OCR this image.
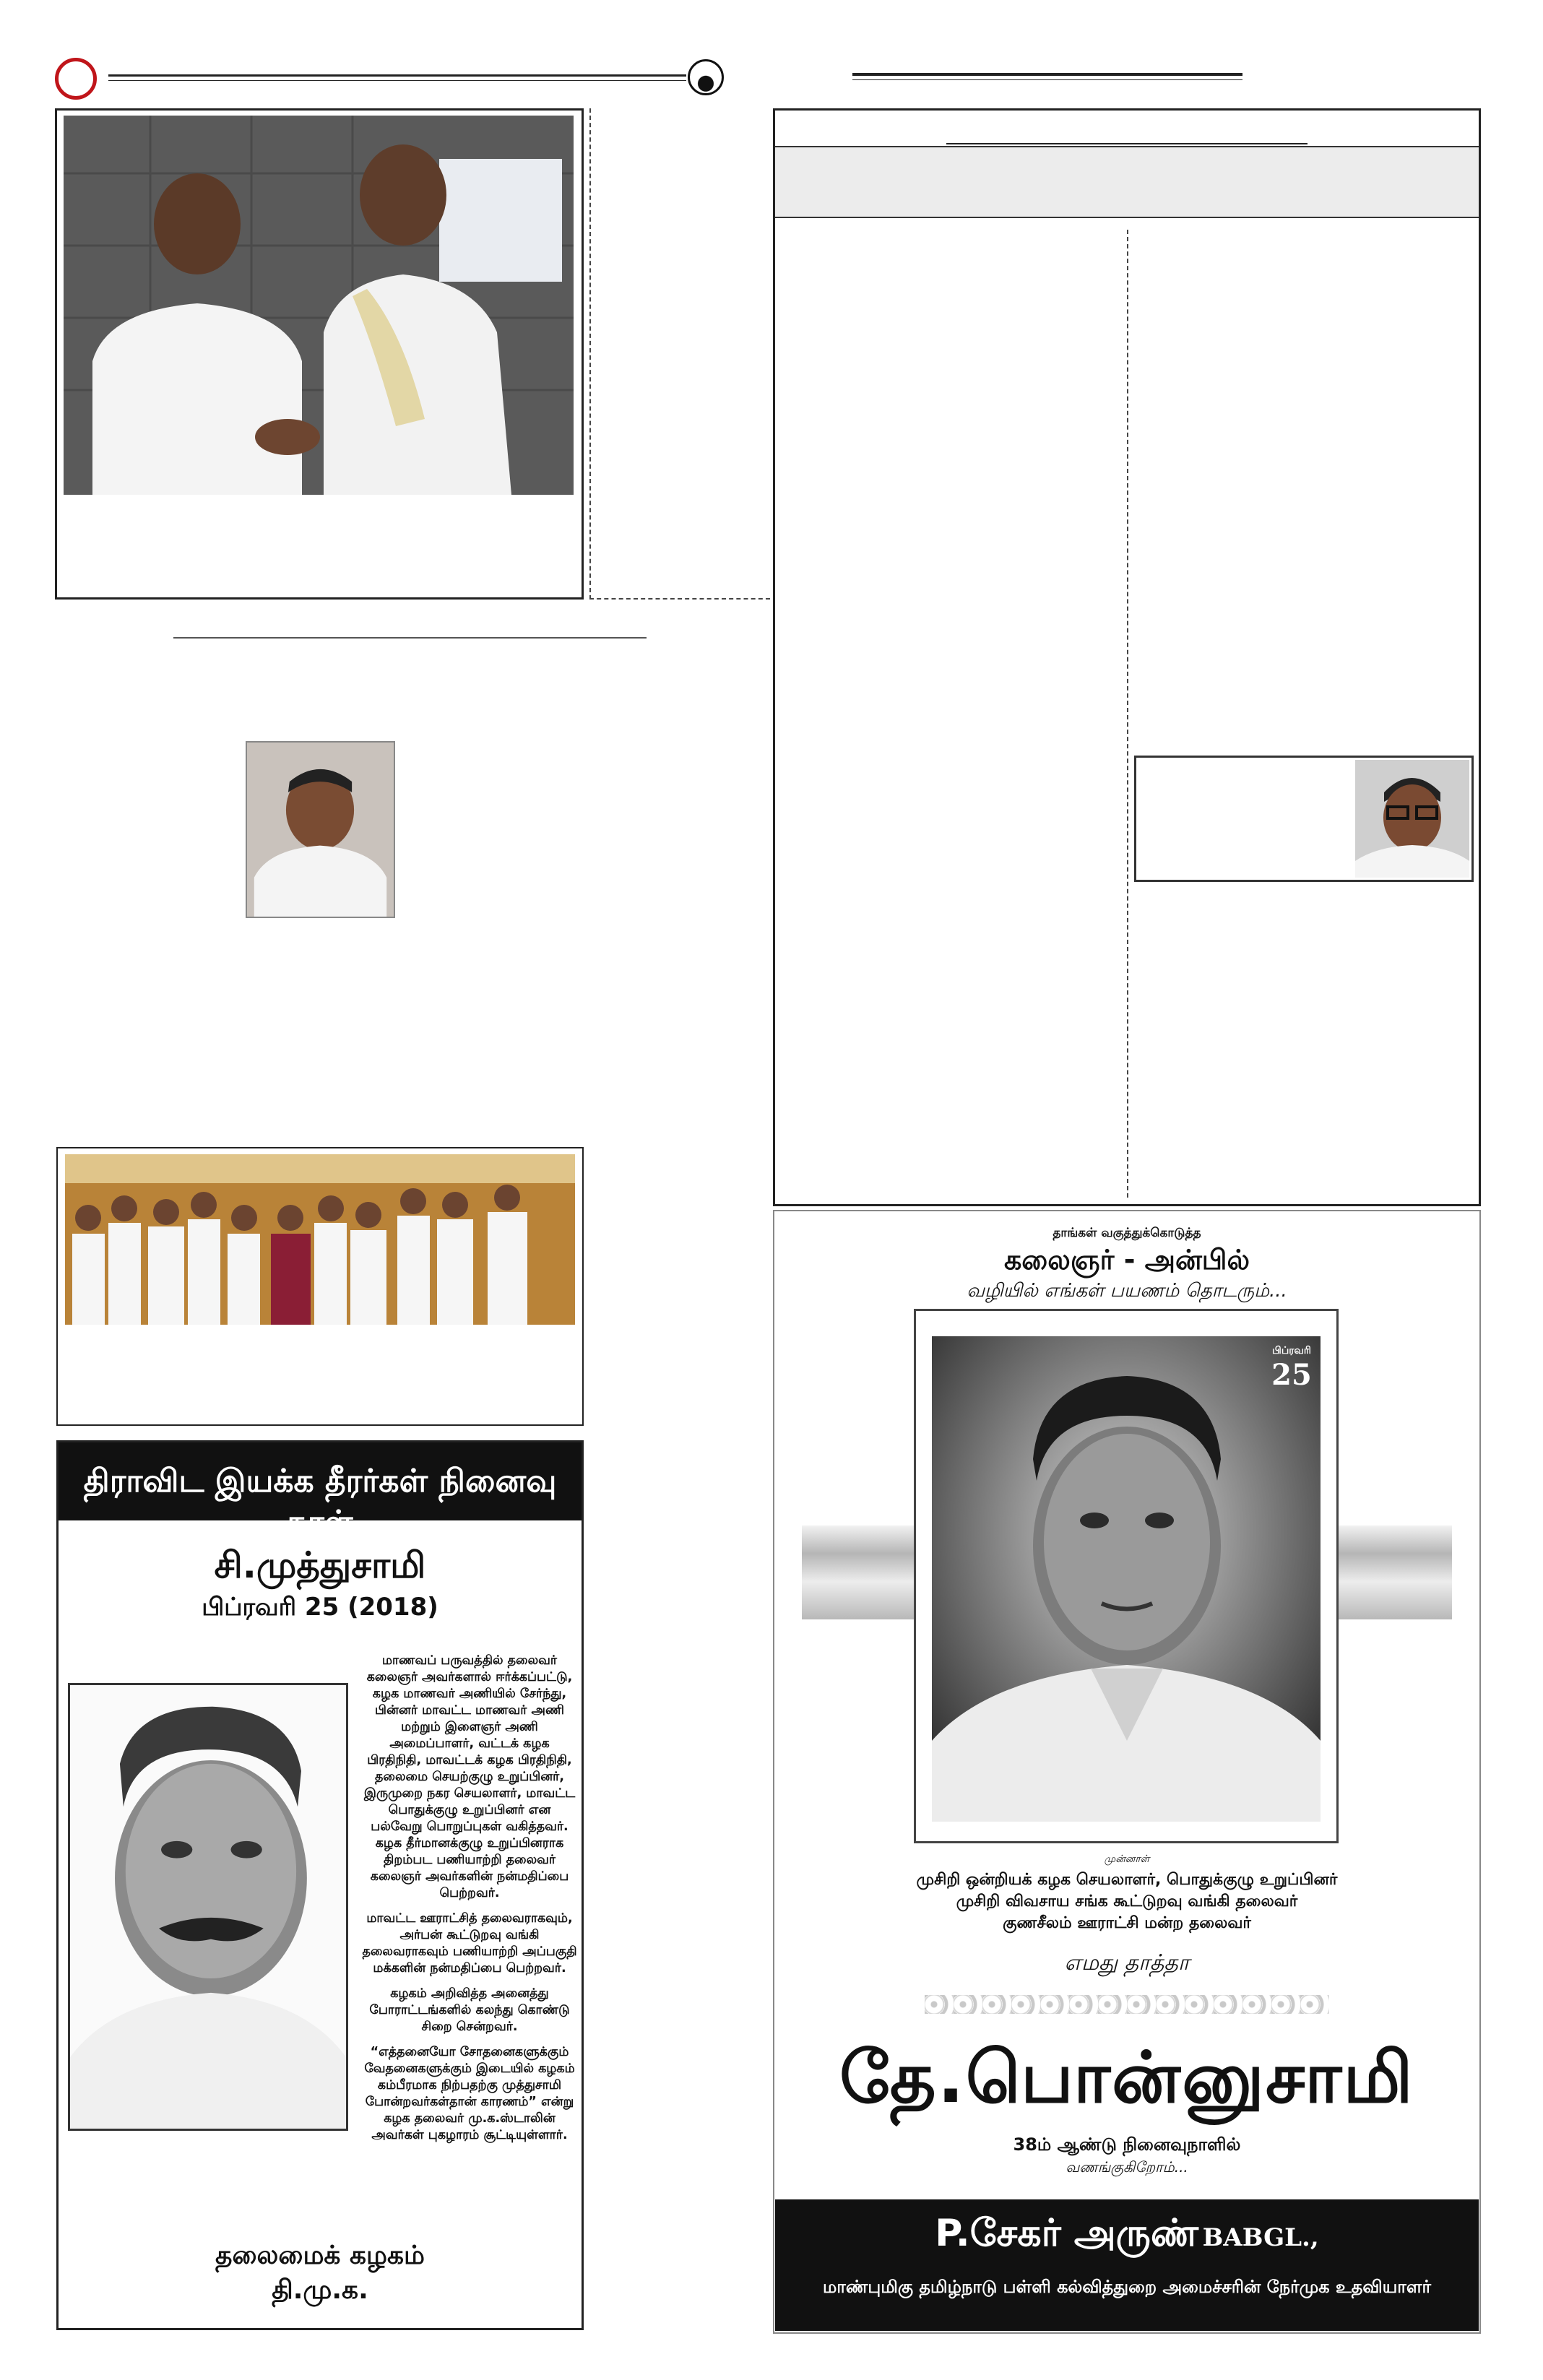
திராவிட இயக்க தீரர்கள் நினைவு நாள்
சி.முத்துசாமி
பிப்ரவரி 25 (2018)

மாணவப் பருவத்தில் தலைவர் கலைஞர் அவர்களால் ஈர்க்கப்பட்டு, கழக மாணவர் அணியில் சேர்ந்து, பின்னர் மாவட்ட மாணவர் அணி மற்றும் இளைஞர் அணி அமைப்பாளர், வட்டக் கழக பிரதிநிதி, மாவட்டக் கழக பிரதிநிதி, தலைமை செயற்குழு உறுப்பினர், இருமுறை நகர செயலாளர், மாவட்ட பொதுக்குழு உறுப்பினர் என பல்வேறு பொறுப்புகள் வகித்தவர். கழக தீர்மானக்குழு உறுப்பினராக திறம்பட பணியாற்றி தலைவர் கலைஞர் அவர்களின் நன்மதிப்பை பெற்றவர்.

மாவட்ட ஊராட்சித் தலைவராகவும், அர்பன் கூட்டுறவு வங்கி தலைவராகவும் பணியாற்றி அப்பகுதி மக்களின் நன்மதிப்பை பெற்றவர்.

கழகம் அறிவித்த அனைத்து போராட்டங்களில் கலந்து கொண்டு சிறை சென்றவர்.

“எத்தனையோ சோதனைகளுக்கும் வேதனைகளுக்கும் இடையில் கழகம் கம்பீரமாக நிற்பதற்கு முத்துசாமி போன்றவர்கள்தான் காரணம்” என்று கழக தலைவர் மு.க.ஸ்டாலின் அவர்கள் புகழாரம் சூட்டியுள்ளார்.

தலைமைக் கழகம்
தி.மு.க.
தாங்கள் வகுத்துக்கொடுத்த
கலைஞர் - அன்பில்
வழியில் எங்கள் பயணம் தொடரும்...
பிப்ரவரி
25
முன்னாள்
முசிறி ஒன்றியக் கழக செயலாளர், பொதுக்குழு உறுப்பினர்
முசிறி விவசாய சங்க கூட்டுறவு வங்கி தலைவர்
குணசீலம் ஊராட்சி மன்ற தலைவர்
எமது தாத்தா
தே.பொன்னுசாமி
38ம் ஆண்டு நினைவுநாளில்
வணங்குகிறோம்...
P.சேகர் அருண் BABGL.,
மாண்புமிகு தமிழ்நாடு பள்ளி கல்வித்துறை அமைச்சரின் நேர்முக உதவியாளர்
